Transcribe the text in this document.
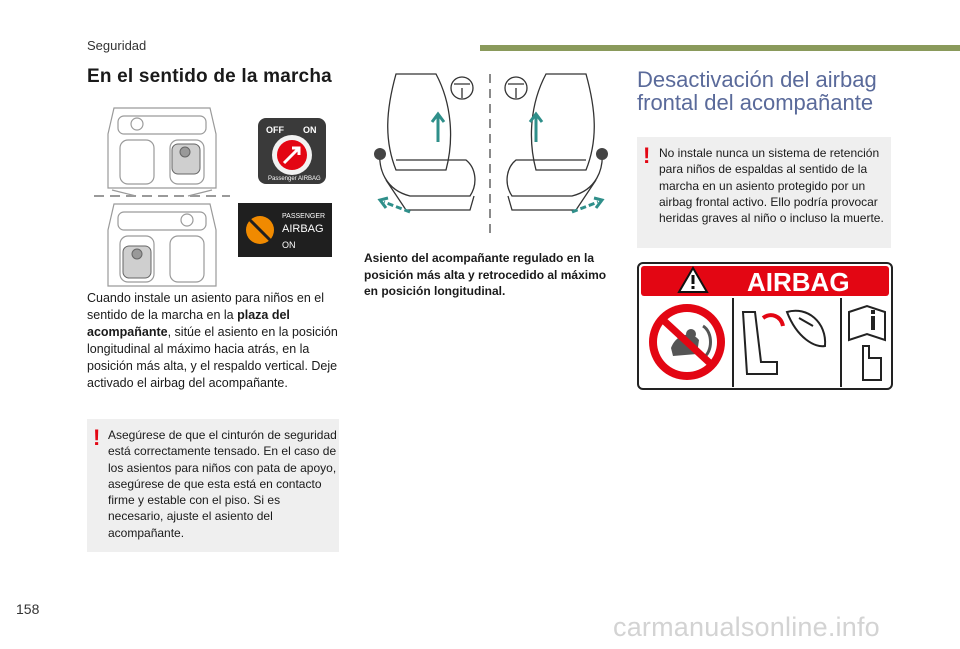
Seguridad
En el sentido de la marcha
OFF ON
Passenger AIRBAG
PASSENGER
AIRBAG
ON
Cuando instale un asiento para niños en el sentido de la marcha en la plaza del acompañante, sitúe el asiento en la posición longitudinal al máximo hacia atrás, en la posición más alta, y el respaldo vertical. Deje activado el airbag del acompañante.
! Asegúrese de que el cinturón de seguridad está correctamente tensado. En el caso de los asientos para niños con pata de apoyo, asegúrese de que esta está en contacto firme y estable con el piso. Si es necesario, ajuste el asiento del acompañante.
Asiento del acompañante regulado en la posición más alta y retrocedido al máximo en posición longitudinal.
Desactivación del airbag frontal del acompañante
! No instale nunca un sistema de retención para niños de espaldas al sentido de la marcha en un asiento protegido por un airbag frontal activo. Ello podría provocar heridas graves al niño o incluso la muerte.
AIRBAG
158
carmanualsonline.info
